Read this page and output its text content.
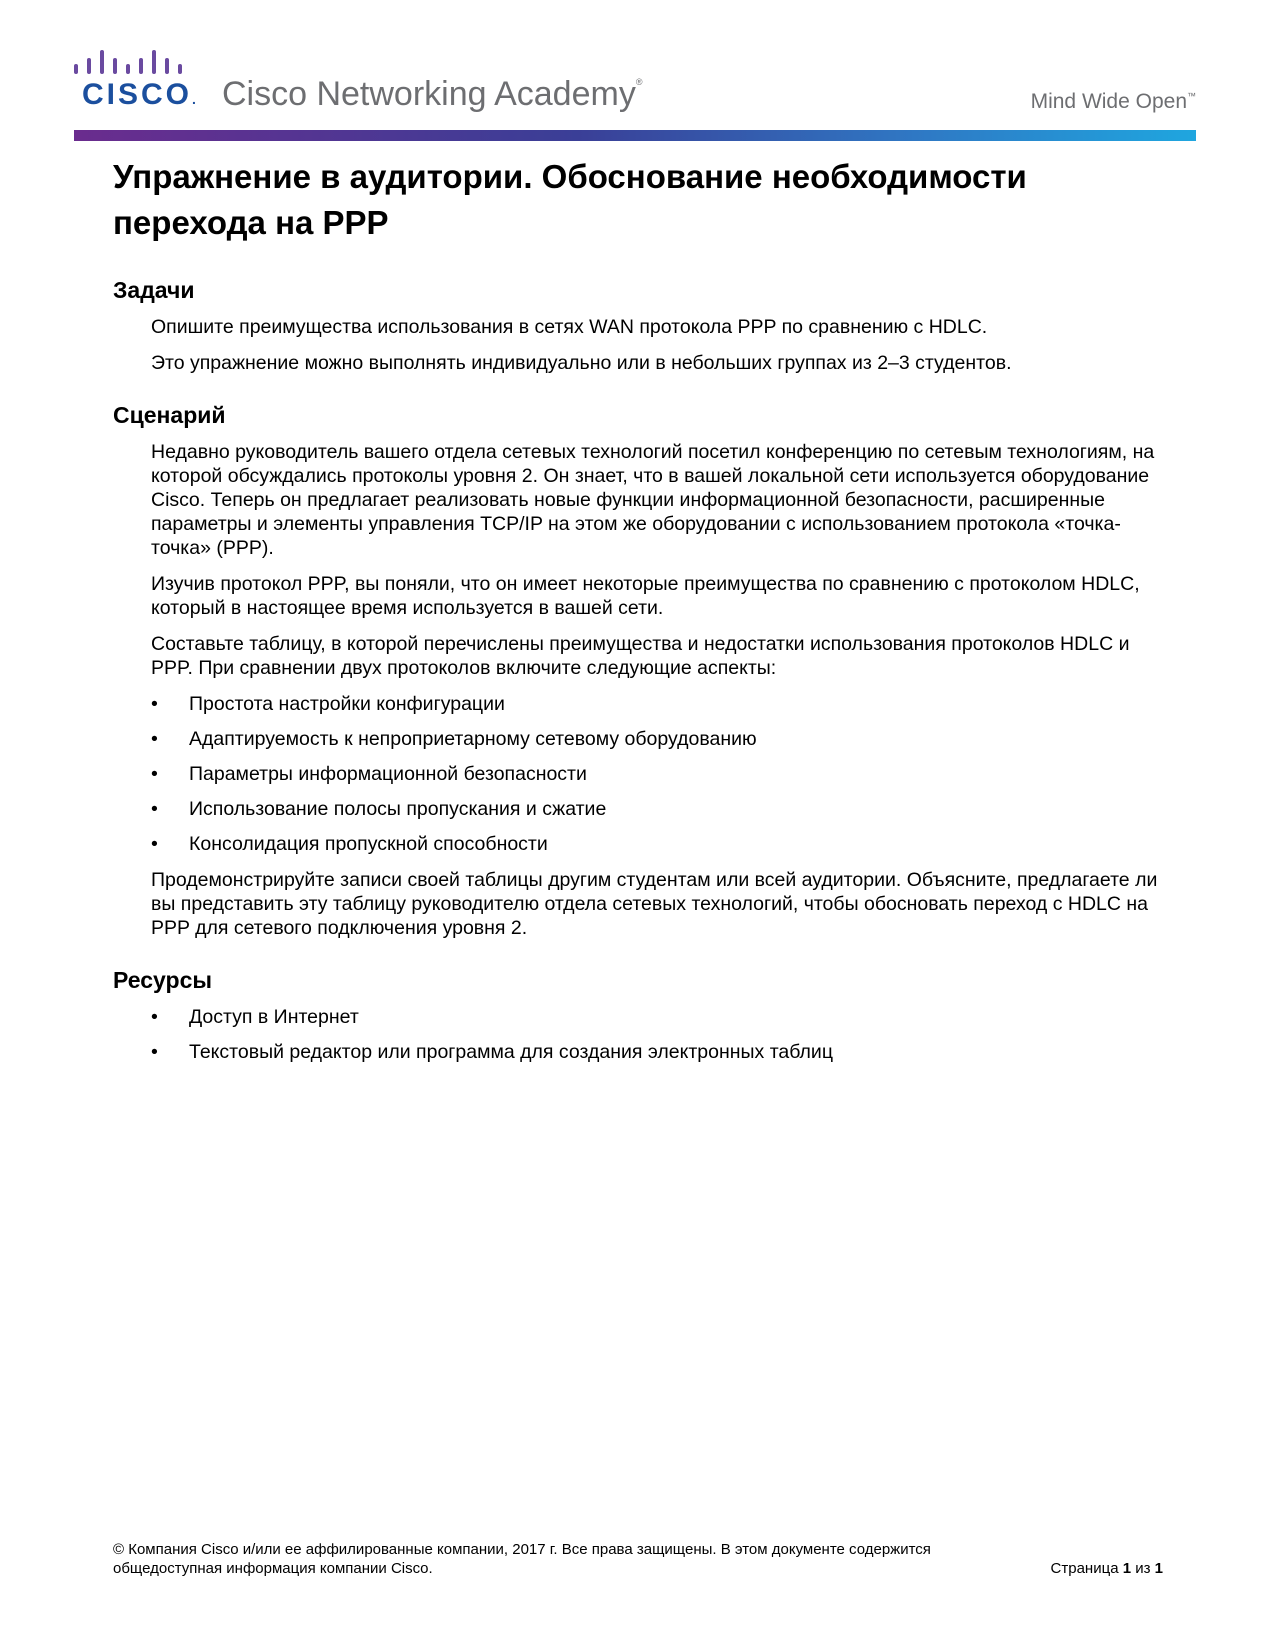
CISCO. Cisco Networking Academy®
Mind Wide Open™
Упражнение в аудитории. Обоснование необходимости перехода на PPP
Задачи

Опишите преимущества использования в сетях WAN протокола PPP по сравнению с HDLC.

Это упражнение можно выполнять индивидуально или в небольших группах из 2–3 студентов.

Сценарий

Недавно руководитель вашего отдела сетевых технологий посетил конференцию по сетевым технологиям, на которой обсуждались протоколы уровня 2. Он знает, что в вашей локальной сети используется оборудование Cisco. Теперь он предлагает реализовать новые функции информационной безопасности, расширенные параметры и элементы управления TCP/IP на этом же оборудовании с использованием протокола «точка-точка» (PPP).

Изучив протокол PPP, вы поняли, что он имеет некоторые преимущества по сравнению с протоколом HDLC, который в настоящее время используется в вашей сети.

Составьте таблицу, в которой перечислены преимущества и недостатки использования протоколов HDLC и PPP. При сравнении двух протоколов включите следующие аспекты:

• Простота настройки конфигурации
• Адаптируемость к непроприетарному сетевому оборудованию
• Параметры информационной безопасности
• Использование полосы пропускания и сжатие
• Консолидация пропускной способности

Продемонстрируйте записи своей таблицы другим студентам или всей аудитории. Объясните, предлагаете ли вы представить эту таблицу руководителю отдела сетевых технологий, чтобы обосновать переход с HDLC на PPP для сетевого подключения уровня 2.

Ресурсы
• Доступ в Интернет
• Текстовый редактор или программа для создания электронных таблиц
© Компания Cisco и/или ее аффилированные компании, 2017 г. Все права защищены. В этом документе содержится общедоступная информация компании Cisco.	Страница 1 из 1
